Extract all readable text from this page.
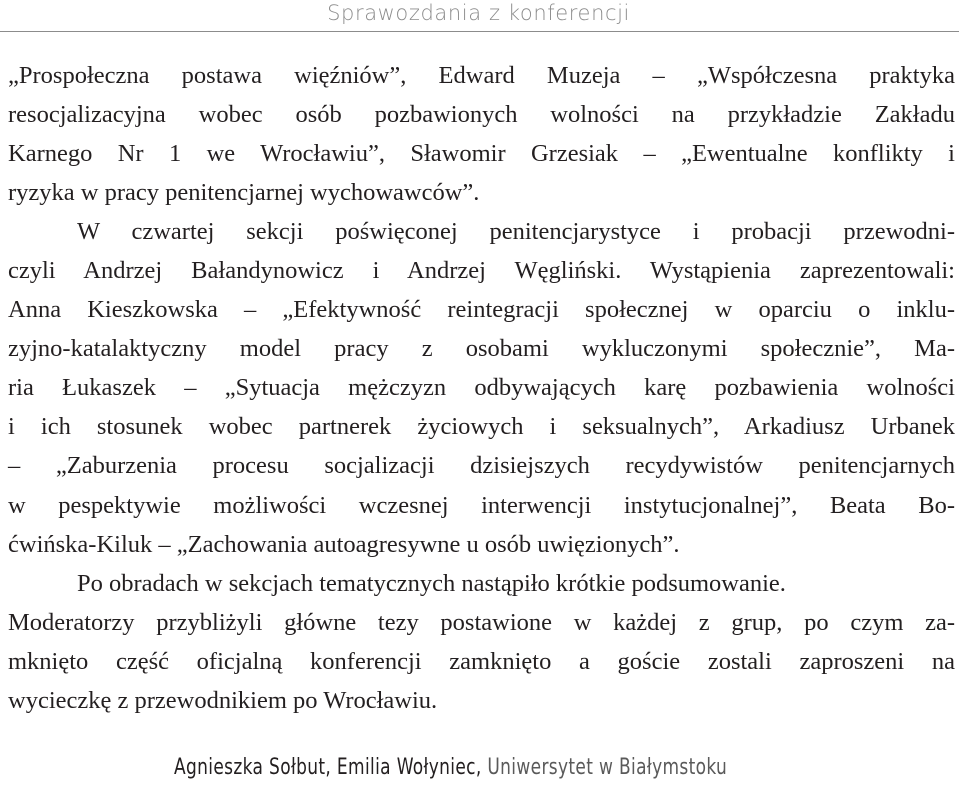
Sprawozdania z konferencji
„Prospołeczna postawa więźniów”, Edward Muzeja – „Współczesna praktyka
resocjalizacyjna wobec osób pozbawionych wolności na przykładzie Zakładu
Karnego Nr 1 we Wrocławiu”, Sławomir Grzesiak – „Ewentualne konflikty i
ryzyka w pracy penitencjarnej wychowawców”.
W czwartej sekcji poświęconej penitencjarystyce i probacji przewodni-
czyli Andrzej Bałandynowicz i Andrzej Węgliński. Wystąpienia zaprezentowali:
Anna Kieszkowska – „Efektywność reintegracji społecznej w oparciu o inklu-
zyjno-katalaktyczny model pracy z osobami wykluczonymi społecznie”, Ma-
ria Łukaszek – „Sytuacja mężczyzn odbywających karę pozbawienia wolności
i ich stosunek wobec partnerek życiowych i seksualnych”, Arkadiusz Urbanek
– „Zaburzenia procesu socjalizacji dzisiejszych recydywistów penitencjarnych
w pespektywie możliwości wczesnej interwencji instytucjonalnej”, Beata Bo-
ćwińska-Kiluk – „Zachowania autoagresywne u osób uwięzionych”.
Po obradach w sekcjach tematycznych nastąpiło krótkie podsumowanie.
Moderatorzy przybliżyli główne tezy postawione w każdej z grup, po czym za-
mknięto część oficjalną konferencji zamknięto a goście zostali zaproszeni na
wycieczkę z przewodnikiem po Wrocławiu.
Agnieszka Sołbut, Emilia Wołyniec, Uniwersytet w Białymstoku
